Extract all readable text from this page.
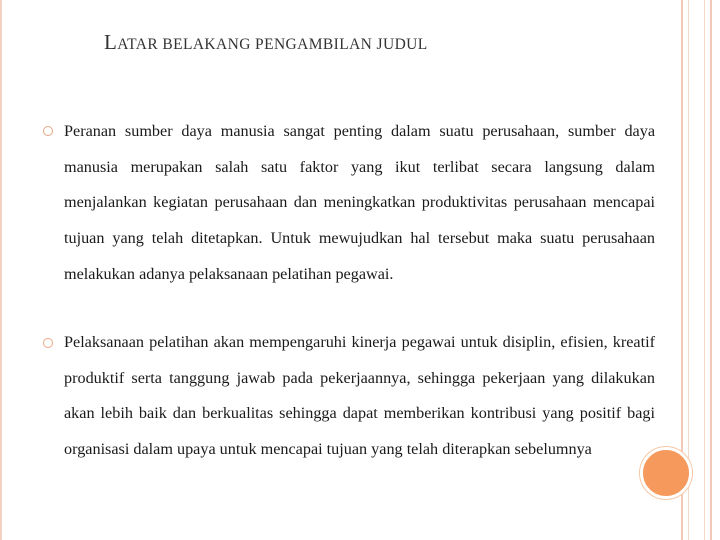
LATAR BELAKANG PENGAMBILAN JUDUL
Peranan sumber daya manusia sangat penting dalam suatu perusahaan, sumber daya manusia merupakan salah satu faktor yang ikut terlibat secara langsung dalam menjalankan kegiatan perusahaan dan meningkatkan produktivitas perusahaan mencapai tujuan yang telah ditetapkan. Untuk mewujudkan hal tersebut maka suatu perusahaan melakukan adanya pelaksanaan pelatihan pegawai.
Pelaksanaan pelatihan akan mempengaruhi kinerja pegawai untuk disiplin, efisien, kreatif produktif serta tanggung jawab pada pekerjaannya, sehingga pekerjaan yang dilakukan akan lebih baik dan berkualitas sehingga dapat memberikan kontribusi yang positif bagi organisasi dalam upaya untuk mencapai tujuan yang telah diterapkan sebelumnya
